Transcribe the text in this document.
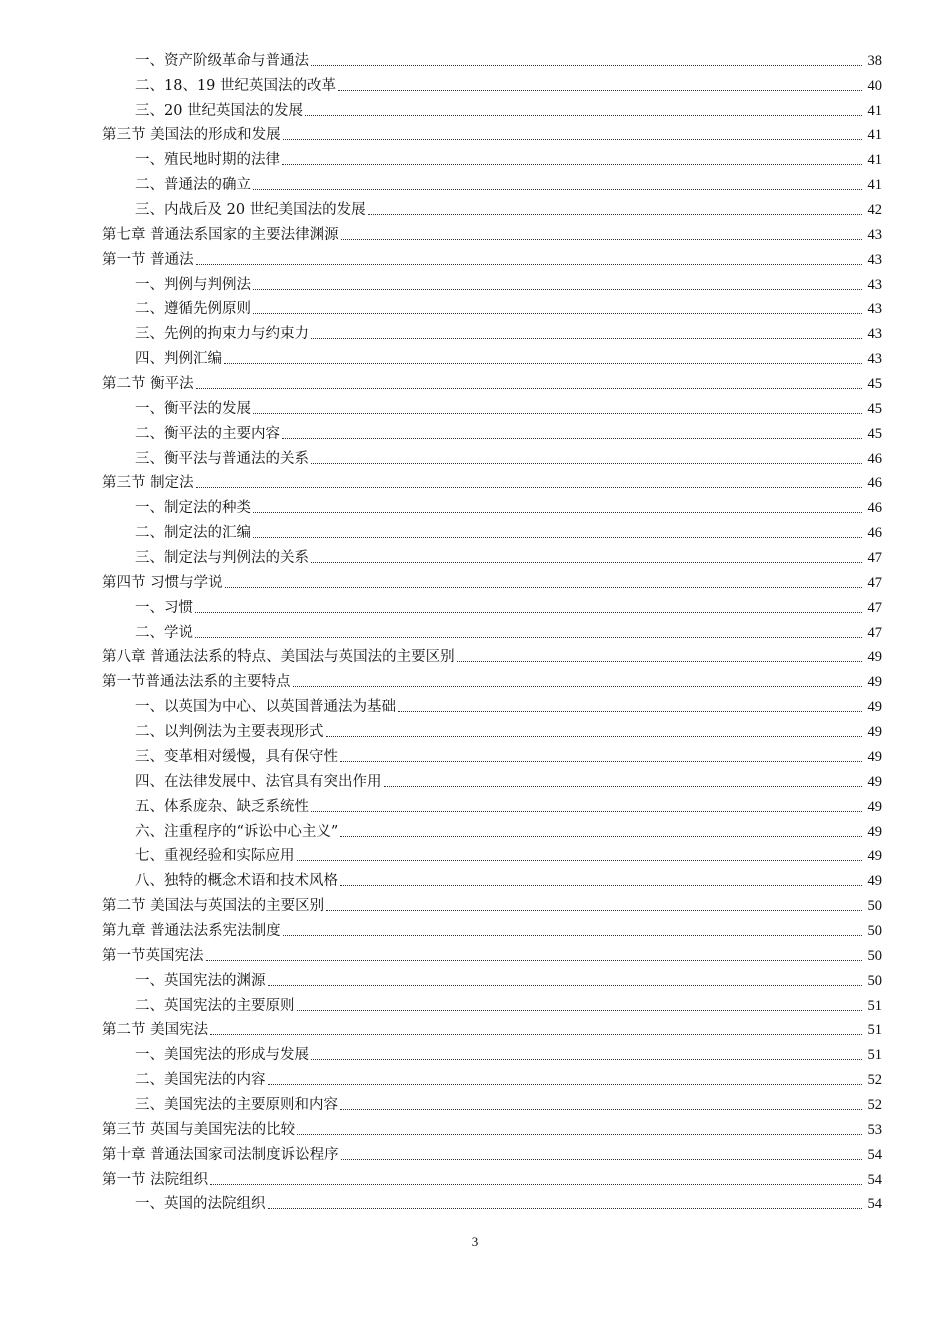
一、资产阶级革命与普通法	38
二、18、19 世纪英国法的改革	40
三、20 世纪英国法的发展	41
第三节 美国法的形成和发展	41
一、殖民地时期的法律	41
二、普通法的确立	41
三、内战后及 20 世纪美国法的发展	42
第七章 普通法系国家的主要法律渊源	43
第一节 普通法	43
一、判例与判例法	43
二、遵循先例原则	43
三、先例的拘束力与约束力	43
四、判例汇编	43
第二节 衡平法	45
一、衡平法的发展	45
二、衡平法的主要内容	45
三、衡平法与普通法的关系	46
第三节 制定法	46
一、制定法的种类	46
二、制定法的汇编	46
三、制定法与判例法的关系	47
第四节 习惯与学说	47
一、习惯	47
二、学说	47
第八章 普通法法系的特点、美国法与英国法的主要区别	49
第一节普通法法系的主要特点	49
一、以英国为中心、以英国普通法为基础	49
二、以判例法为主要表现形式	49
三、变革相对缓慢，具有保守性	49
四、在法律发展中、法官具有突出作用	49
五、体系庞杂、缺乏系统性	49
六、注重程序的“诉讼中心主义”	49
七、重视经验和实际应用	49
八、独特的概念术语和技术风格	49
第二节 美国法与英国法的主要区别	50
第九章 普通法法系宪法制度	50
第一节英国宪法	50
一、英国宪法的渊源	50
二、英国宪法的主要原则	51
第二节 美国宪法	51
一、美国宪法的形成与发展	51
二、美国宪法的内容	52
三、美国宪法的主要原则和内容	52
第三节 英国与美国宪法的比较	53
第十章 普通法国家司法制度诉讼程序	54
第一节 法院组织	54
一、英国的法院组织	54
3
